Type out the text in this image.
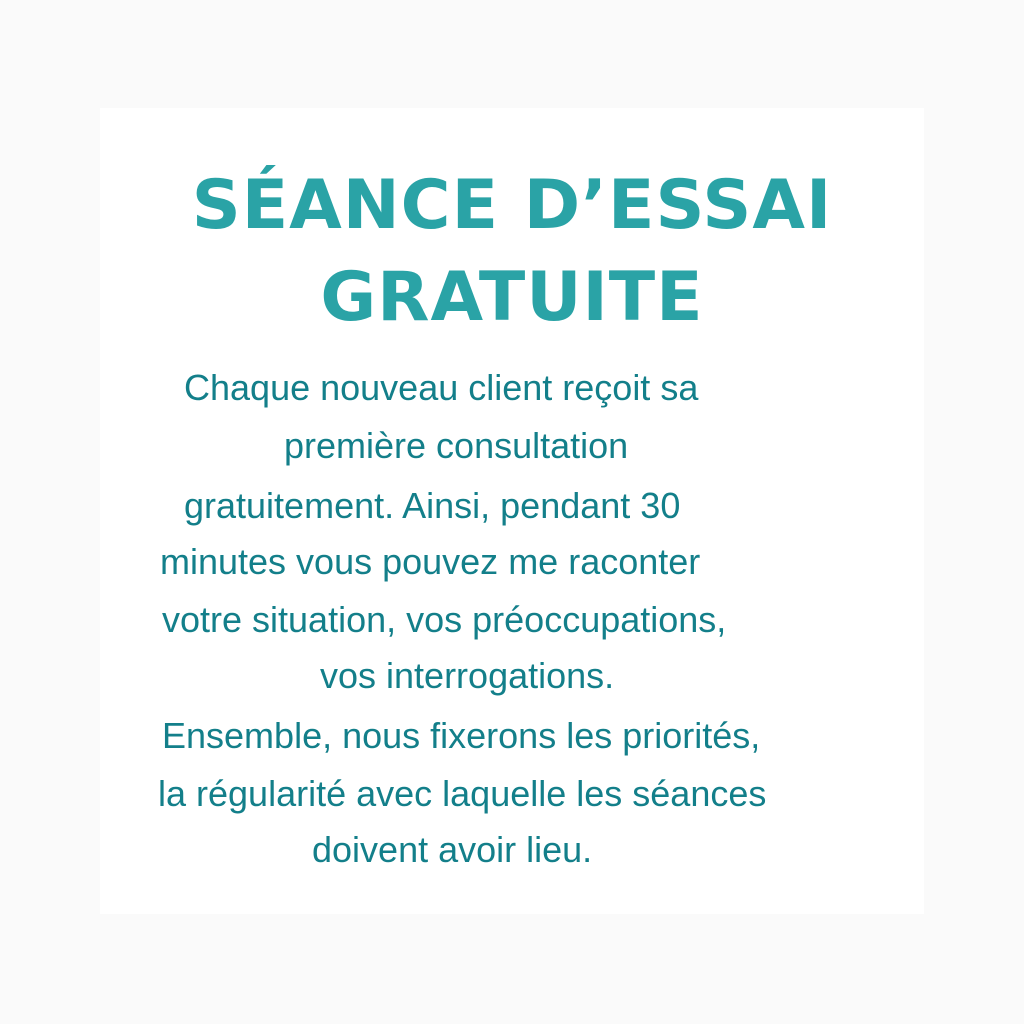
SÉANCE D’ESSAI
GRATUITE
Chaque nouveau client reçoit sa
première consultation
gratuitement. Ainsi, pendant 30
minutes vous pouvez me raconter
votre situation, vos préoccupations,
vos interrogations.
Ensemble, nous fixerons les priorités,
la régularité avec laquelle les séances
doivent avoir lieu.
